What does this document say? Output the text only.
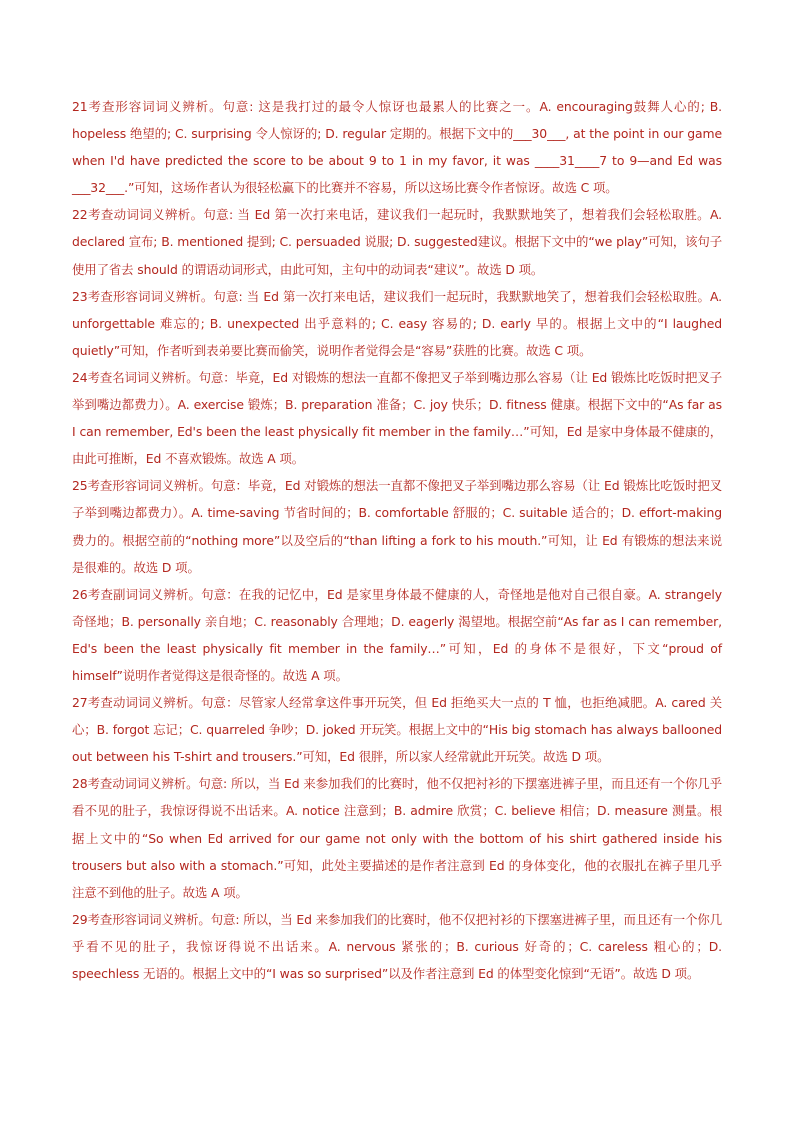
21考查形容词词义辨析。句意: 这是我打过的最令人惊讶也最累人的比赛之一。A. encouraging鼓舞人心的; B. hopeless 绝望的; C. surprising 令人惊讶的; D. regular 定期的。根据下文中的___30___, at the point in our game when I'd have predicted the score to be about 9 to 1 in my favor, it was ____31____7 to 9—and Ed was ___32___.”可知，这场作者认为很轻松赢下的比赛并不容易，所以这场比赛令作者惊讶。故选 C 项。

22考查动词词义辨析。句意: 当 Ed 第一次打来电话，建议我们一起玩时，我默默地笑了，想着我们会轻松取胜。A. declared 宣布; B. mentioned 提到; C. persuaded 说服; D. suggested建议。根据下文中的“we play”可知，该句子使用了省去 should 的谓语动词形式，由此可知，主句中的动词表“建议”。故选 D 项。

23考查形容词词义辨析。句意: 当 Ed 第一次打来电话，建议我们一起玩时，我默默地笑了，想着我们会轻松取胜。A. unforgettable 难忘的; B. unexpected 出乎意料的; C. easy 容易的; D. early 早的。根据上文中的“I laughed quietly”可知，作者听到表弟要比赛而偷笑，说明作者觉得会是“容易”获胜的比赛。故选 C 项。

24考查名词词义辨析。句意：毕竟，Ed 对锻炼的想法一直都不像把叉子举到嘴边那么容易（让 Ed 锻炼比吃饭时把叉子举到嘴边都费力）。A. exercise 锻炼；B. preparation 准备；C. joy 快乐；D. fitness 健康。根据下文中的“As far as I can remember, Ed's been the least physically fit member in the family…”可知，Ed 是家中身体最不健康的，由此可推断，Ed 不喜欢锻炼。故选 A 项。

25考查形容词词义辨析。句意：毕竟，Ed 对锻炼的想法一直都不像把叉子举到嘴边那么容易（让 Ed 锻炼比吃饭时把叉子举到嘴边都费力）。A. time-saving 节省时间的；B. comfortable 舒服的；C. suitable 适合的；D. effort-making 费力的。根据空前的“nothing more”以及空后的“than lifting a fork to his mouth.”可知，让 Ed 有锻炼的想法来说是很难的。故选 D 项。

26考查副词词义辨析。句意：在我的记忆中，Ed 是家里身体最不健康的人，奇怪地是他对自己很自豪。A. strangely 奇怪地；B. personally 亲自地；C. reasonably 合理地；D. eagerly 渴望地。根据空前“As far as I can remember, Ed's been the least physically fit member in the family…”可知，Ed 的身体不是很好，下文“proud of himself”说明作者觉得这是很奇怪的。故选 A 项。

27考查动词词义辨析。句意：尽管家人经常拿这件事开玩笑，但 Ed 拒绝买大一点的 T 恤，也拒绝减肥。A. cared 关心；B. forgot 忘记；C. quarreled 争吵；D. joked 开玩笑。根据上文中的“His big stomach has always ballooned out between his T-shirt and trousers.”可知，Ed 很胖，所以家人经常就此开玩笑。故选 D 项。

28考查动词词义辨析。句意: 所以，当 Ed 来参加我们的比赛时，他不仅把衬衫的下摆塞进裤子里，而且还有一个你几乎看不见的肚子，我惊讶得说不出话来。A. notice 注意到；B. admire 欣赏；C. believe 相信；D. measure 测量。根据上文中的“So when Ed arrived for our game not only with the bottom of his shirt gathered inside his trousers but also with a stomach.”可知，此处主要描述的是作者注意到 Ed 的身体变化，他的衣服扎在裤子里几乎注意不到他的肚子。故选 A 项。

29考查形容词词义辨析。句意: 所以，当 Ed 来参加我们的比赛时，他不仅把衬衫的下摆塞进裤子里，而且还有一个你几乎看不见的肚子，我惊讶得说不出话来。A. nervous 紧张的；B. curious 好奇的；C. careless 粗心的；D. speechless 无语的。根据上文中的“I was so surprised”以及作者注意到 Ed 的体型变化惊到“无语”。故选 D 项。
